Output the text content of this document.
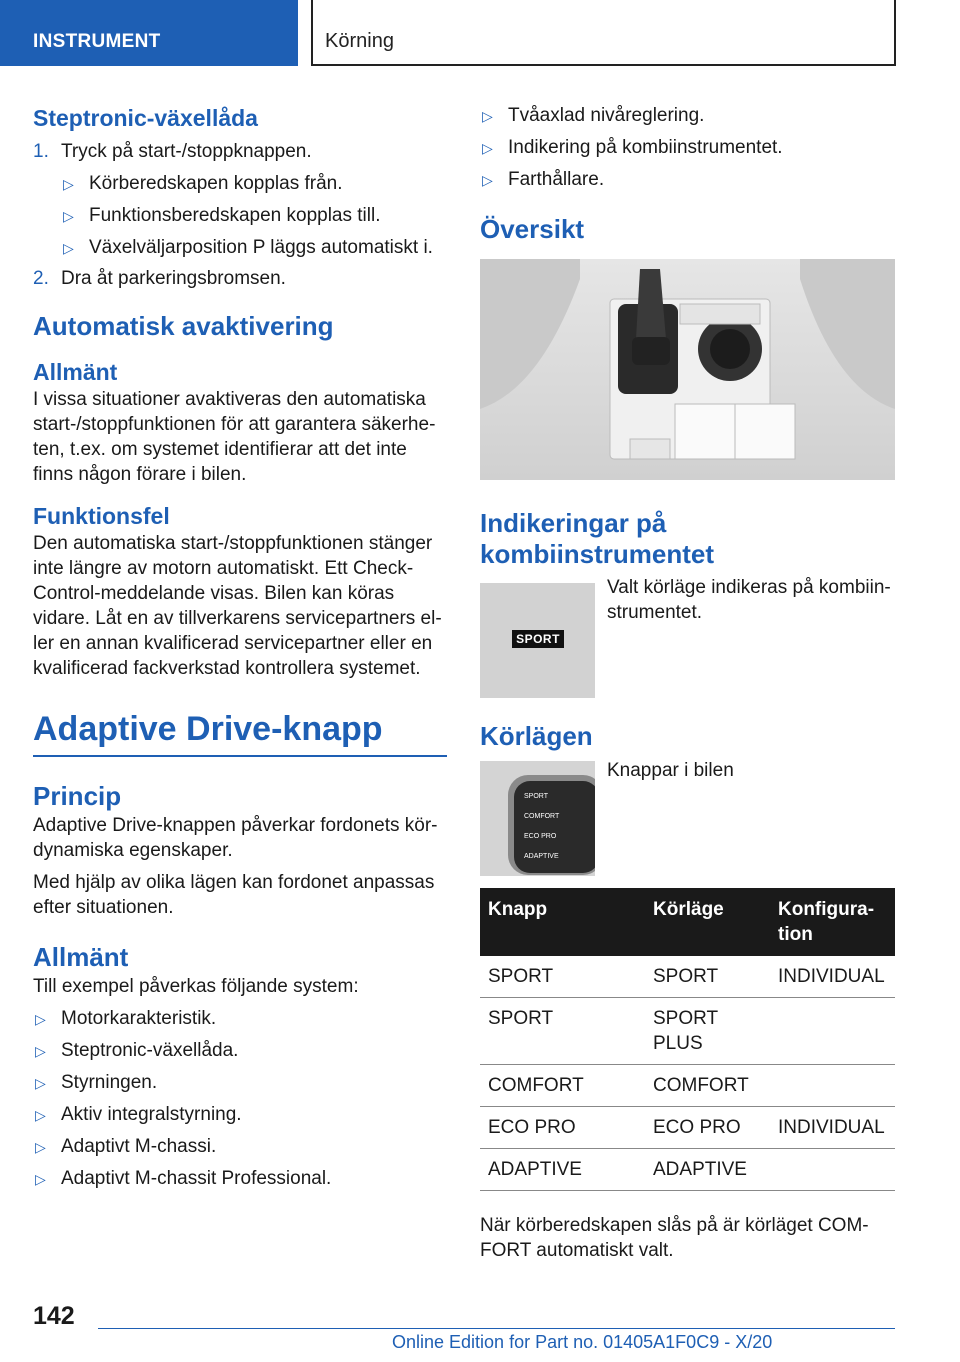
INSTRUMENT	Körning
Steptronic-växellåda
1. Tryck på start-/stoppknappen.
▷ Körberedskapen kopplas från.
▷ Funktionsberedskapen kopplas till.
▷ Växelväljarposition P läggs automatiskt i.
2. Dra åt parkeringsbromsen.
Automatisk avaktivering
Allmänt

I vissa situationer avaktiveras den automatiska start-/stoppfunktionen för att garantera säkerheten, t.ex. om systemet identifierar att det inte finns någon förare i bilen.

Funktionsfel

Den automatiska start-/stoppfunktionen stänger inte längre av motorn automatiskt. Ett Check-Control-meddelande visas. Bilen kan köras vidare. Låt en av tillverkarens servicepartners eller en annan kvalificerad servicepartner eller en kvalificerad fackverkstad kontrollera systemet.

Adaptive Drive-knapp
Princip

Adaptive Drive-knappen påverkar fordonets kördynamiska egenskaper.

Med hjälp av olika lägen kan fordonet anpassas efter situationen.

Allmänt

Till exempel påverkas följande system:

▷ Motorkarakteristik.
▷ Steptronic-växellåda.
▷ Styrningen.
▷ Aktiv integralstyrning.
▷ Adaptivt M-chassi.
▷ Adaptivt M-chassit Professional.
▷ Tvåaxlad nivåreglering.
▷ Indikering på kombiinstrumentet.
▷ Farthållare.
Översikt
Indikeringar på kombiinstrumentet
SPORT

Valt körläge indikeras på kombiinstrumentet.

Körlägen
SPORT
COMFORT
ECO PRO
ADAPTIVE

Knappar i bilen

Knapp	Körläge	Konfiguration
SPORT	SPORT	INDIVIDUAL
SPORT	SPORT PLUS	
COMFORT	COMFORT	
ECO PRO	ECO PRO	INDIVIDUAL
ADAPTIVE	ADAPTIVE	

När körberedskapen slås på är körläget COMFORT automatiskt valt.

142
Online Edition for Part no. 01405A1F0C9 - X/20
